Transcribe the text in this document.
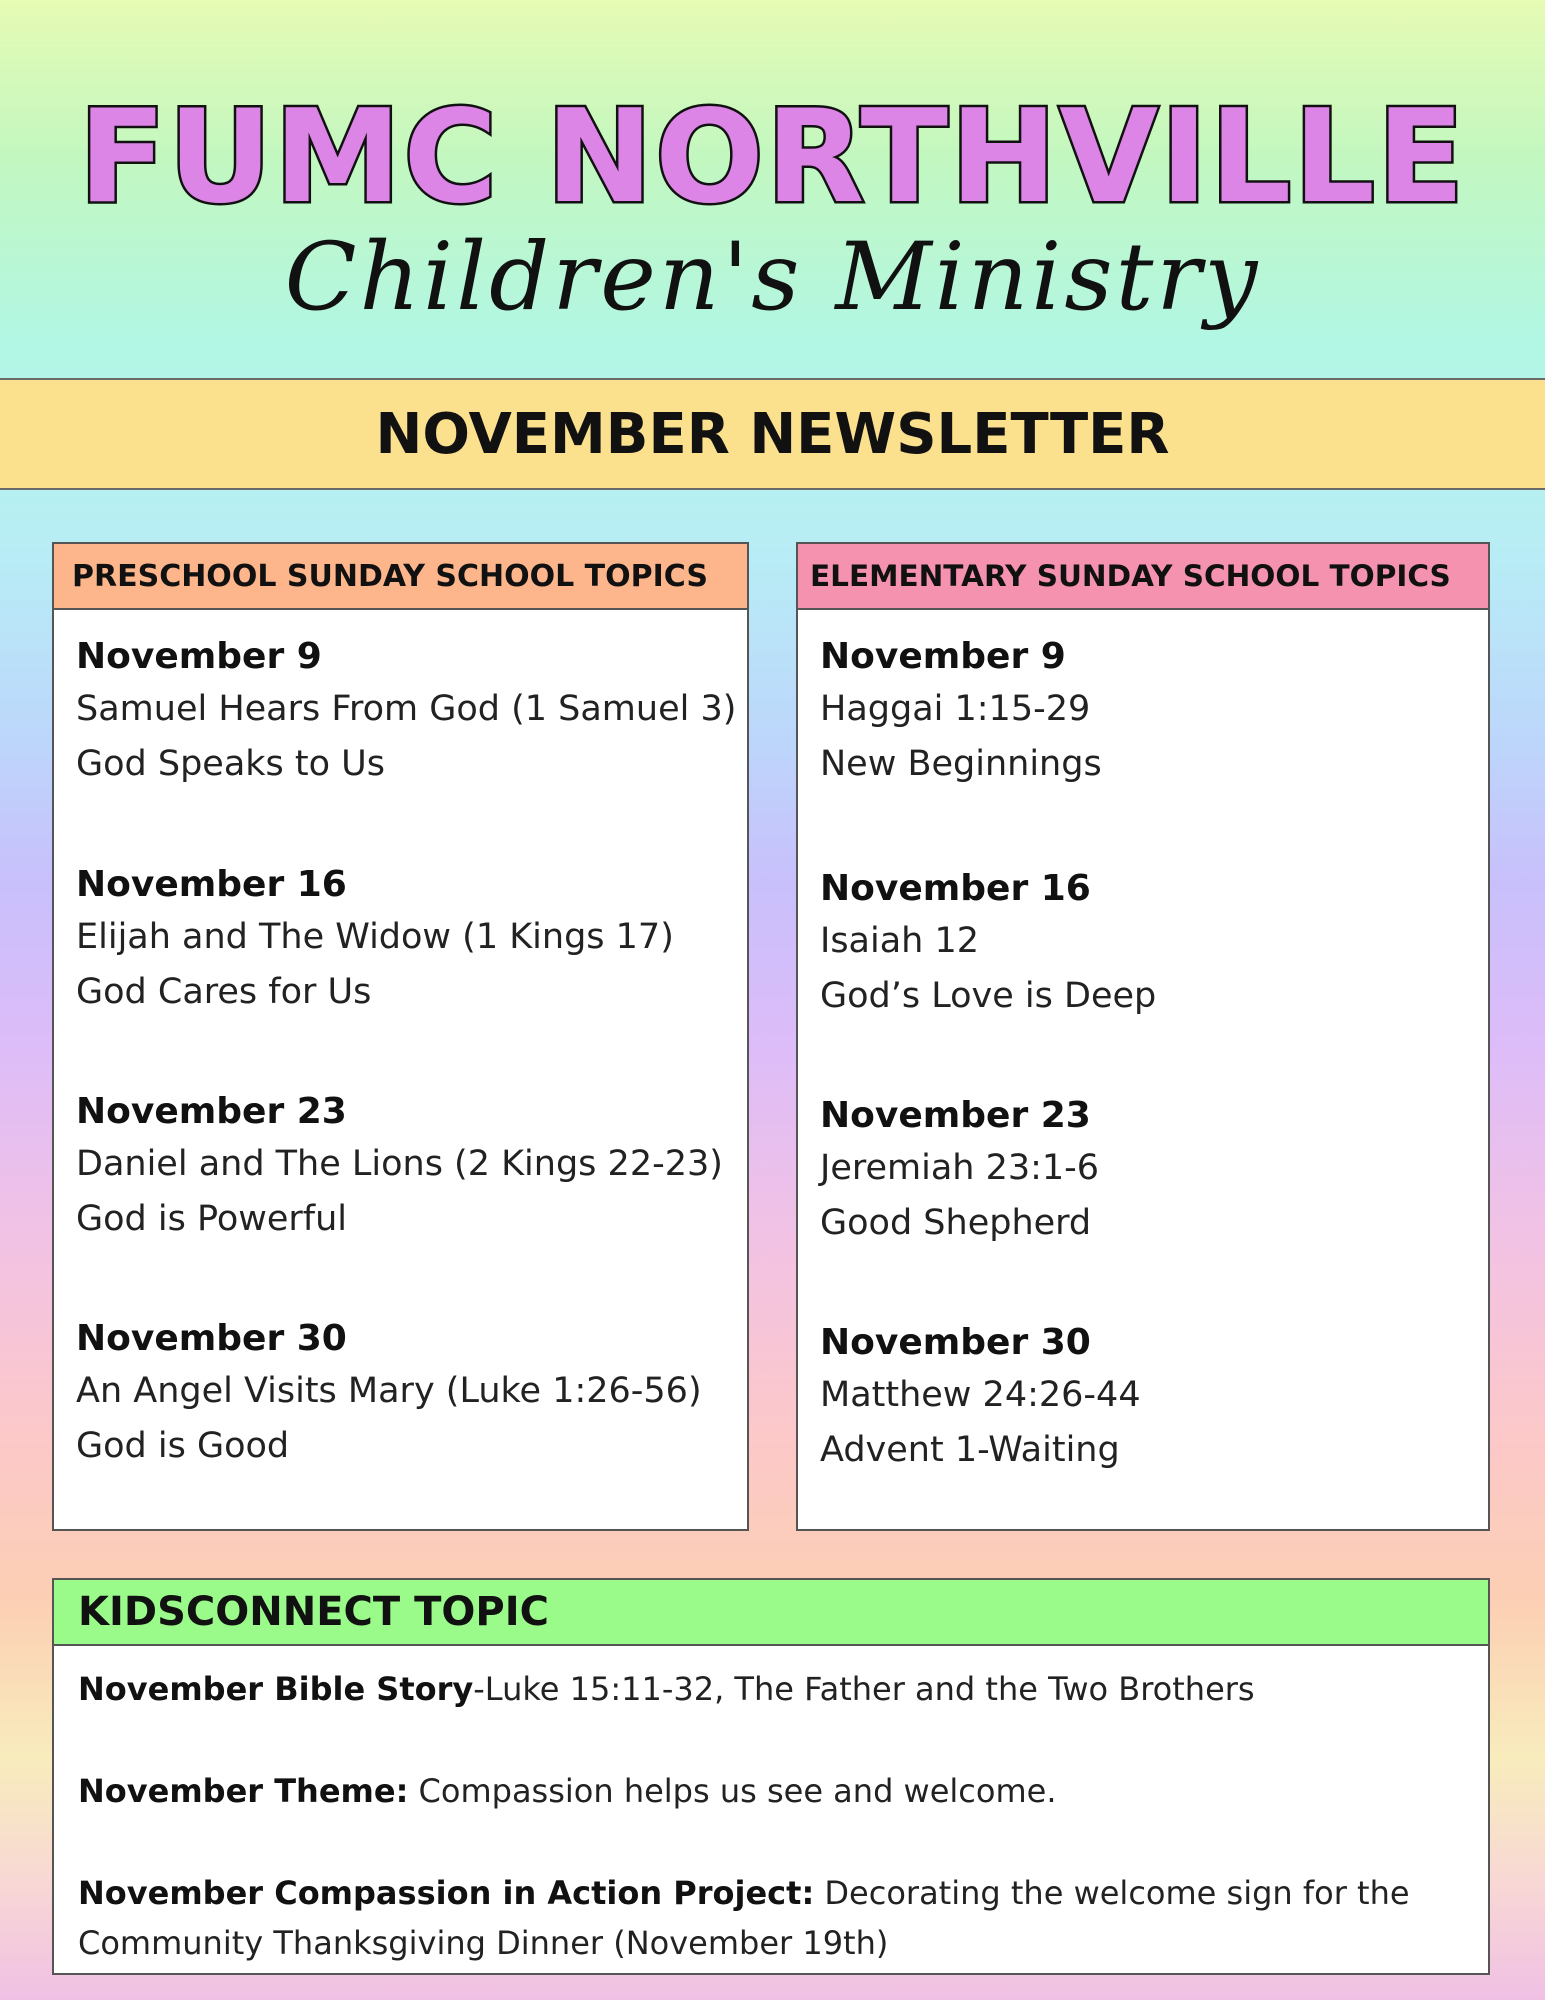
FUMC NORTHVILLE
Children's Ministry
NOVEMBER NEWSLETTER
PRESCHOOL SUNDAY SCHOOL TOPICS
November 9
Samuel Hears From God (1 Samuel 3)
God Speaks to Us
November 16
Elijah and The Widow (1 Kings 17)
God Cares for Us
November 23
Daniel and The Lions (2 Kings 22-23)
God is Powerful
November 30
An Angel Visits Mary (Luke 1:26-56)
God is Good
ELEMENTARY SUNDAY SCHOOL TOPICS
November 9
Haggai 1:15-29
New Beginnings
November 16
Isaiah 12
God’s Love is Deep
November 23
Jeremiah 23:1-6
Good Shepherd
November 30
Matthew 24:26-44
Advent 1-Waiting
KIDSCONNECT TOPIC
November Bible Story-Luke 15:11-32, The Father and the Two Brothers
November Theme: Compassion helps us see and welcome.
November Compassion in Action Project: Decorating the welcome sign for the
Community Thanksgiving Dinner (November 19th)
